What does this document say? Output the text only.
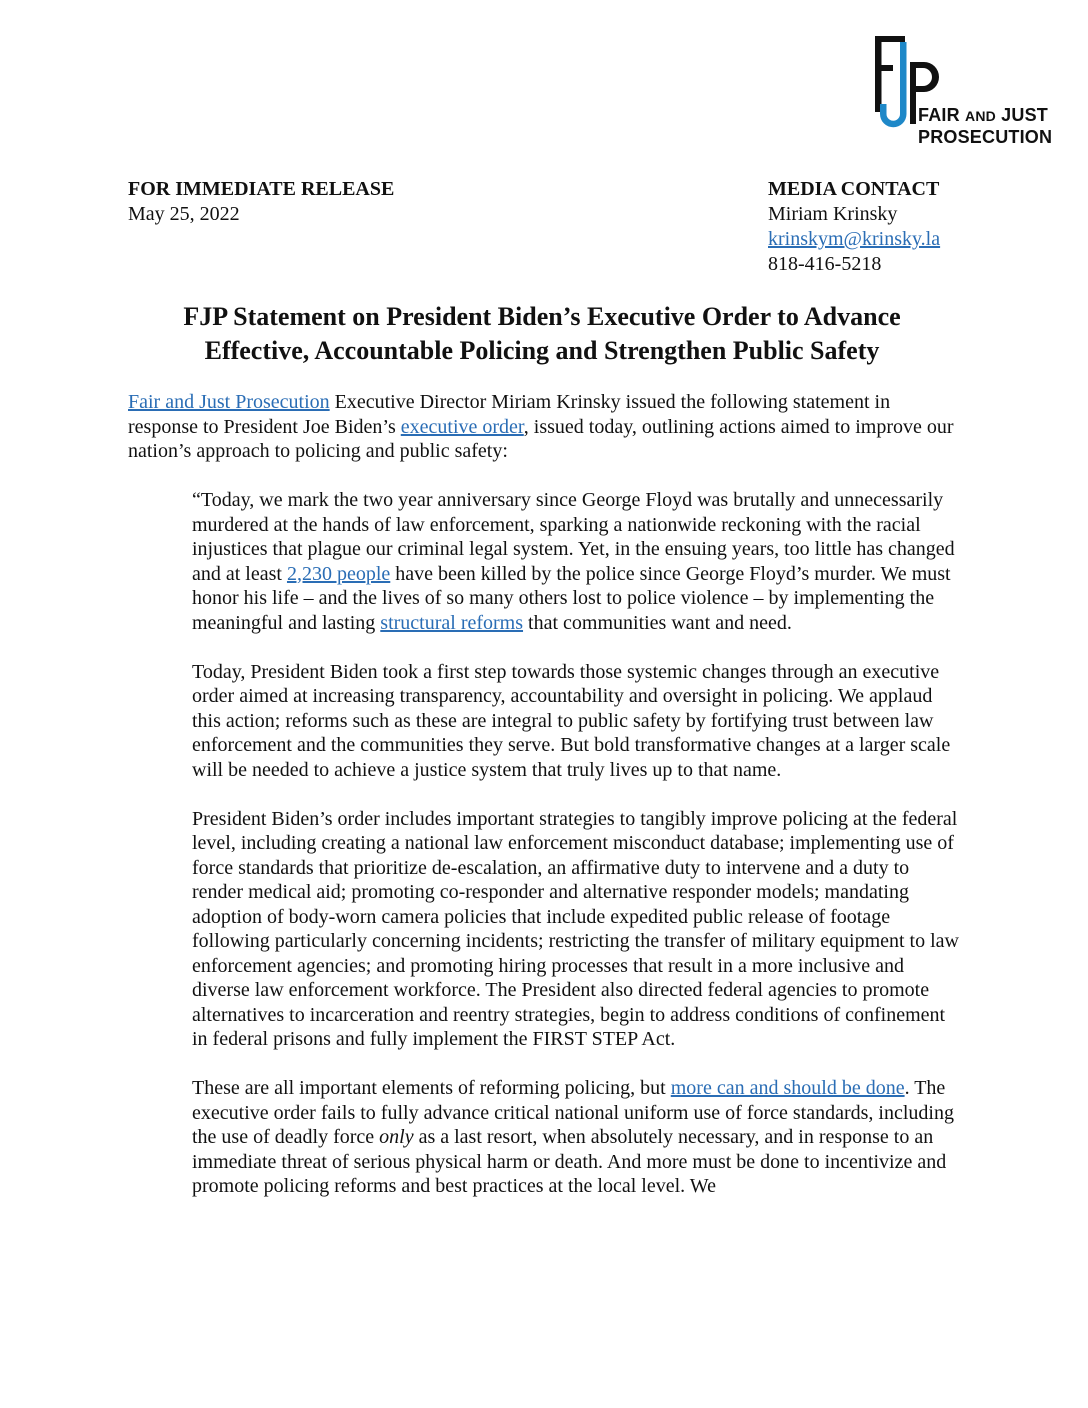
FAIR AND JUST
PROSECUTION
FOR IMMEDIATE RELEASE
May 25, 2022
MEDIA CONTACT
Miriam Krinsky
krinskym@krinsky.la
818-416-5218
FJP Statement on President Biden’s Executive Order to Advance
Effective, Accountable Policing and Strengthen Public Safety

Fair and Just Prosecution Executive Director Miriam Krinsky issued the following statement in response to President Joe Biden’s executive order, issued today, outlining actions aimed to improve our nation’s approach to policing and public safety:

“Today, we mark the two year anniversary since George Floyd was brutally and unnecessarily murdered at the hands of law enforcement, sparking a nationwide reckoning with the racial injustices that plague our criminal legal system. Yet, in the ensuing years, too little has changed and at least 2,230 people have been killed by the police since George Floyd’s murder. We must honor his life – and the lives of so many others lost to police violence – by implementing the meaningful and lasting structural reforms that communities want and need.

Today, President Biden took a first step towards those systemic changes through an executive order aimed at increasing transparency, accountability and oversight in policing. We applaud this action; reforms such as these are integral to public safety by fortifying trust between law enforcement and the communities they serve. But bold transformative changes at a larger scale will be needed to achieve a justice system that truly lives up to that name.

President Biden’s order includes important strategies to tangibly improve policing at the federal level, including creating a national law enforcement misconduct database; implementing use of force standards that prioritize de-escalation, an affirmative duty to intervene and a duty to render medical aid; promoting co-responder and alternative responder models; mandating adoption of body-worn camera policies that include expedited public release of footage following particularly concerning incidents; restricting the transfer of military equipment to law enforcement agencies; and promoting hiring processes that result in a more inclusive and diverse law enforcement workforce. The President also directed federal agencies to promote alternatives to incarceration and reentry strategies, begin to address conditions of confinement in federal prisons and fully implement the FIRST STEP Act.

These are all important elements of reforming policing, but more can and should be done. The executive order fails to fully advance critical national uniform use of force standards, including the use of deadly force only as a last resort, when absolutely necessary, and in response to an immediate threat of serious physical harm or death. And more must be done to incentivize and promote policing reforms and best practices at the local level. We
